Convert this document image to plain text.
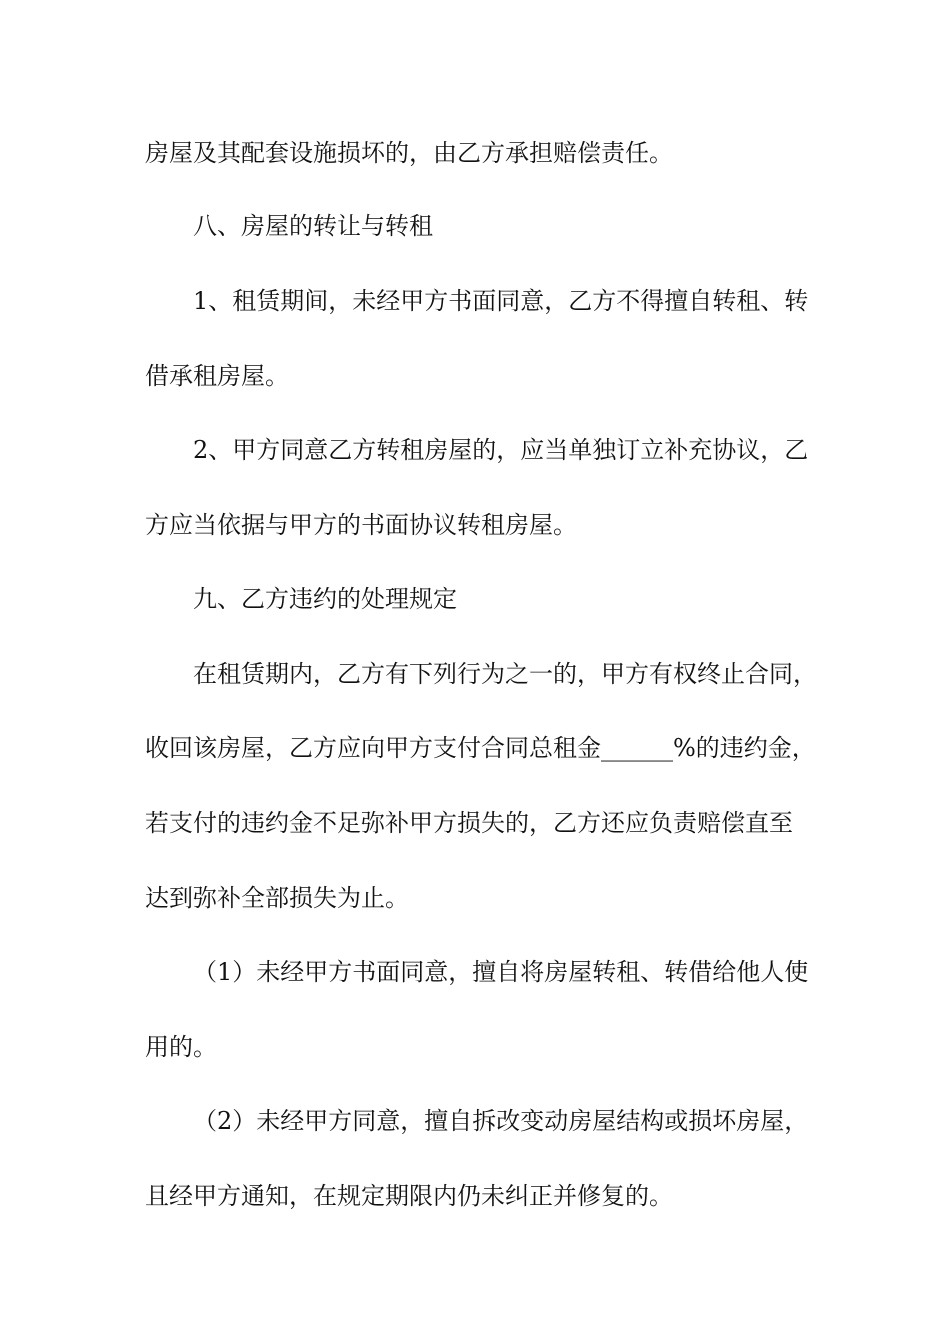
房屋及其配套设施损坏的，由乙方承担赔偿责任。
八、房屋的转让与转租
1、租赁期间，未经甲方书面同意，乙方不得擅自转租、转
借承租房屋。
2、甲方同意乙方转租房屋的，应当单独订立补充协议，乙
方应当依据与甲方的书面协议转租房屋。
九、乙方违约的处理规定
在租赁期内，乙方有下列行为之一的，甲方有权终止合同，
收回该房屋，乙方应向甲方支付合同总租金______%的违约金，
若支付的违约金不足弥补甲方损失的，乙方还应负责赔偿直至
达到弥补全部损失为止。
（1）未经甲方书面同意，擅自将房屋转租、转借给他人使
用的。
（2）未经甲方同意，擅自拆改变动房屋结构或损坏房屋，
且经甲方通知，在规定期限内仍未纠正并修复的。
